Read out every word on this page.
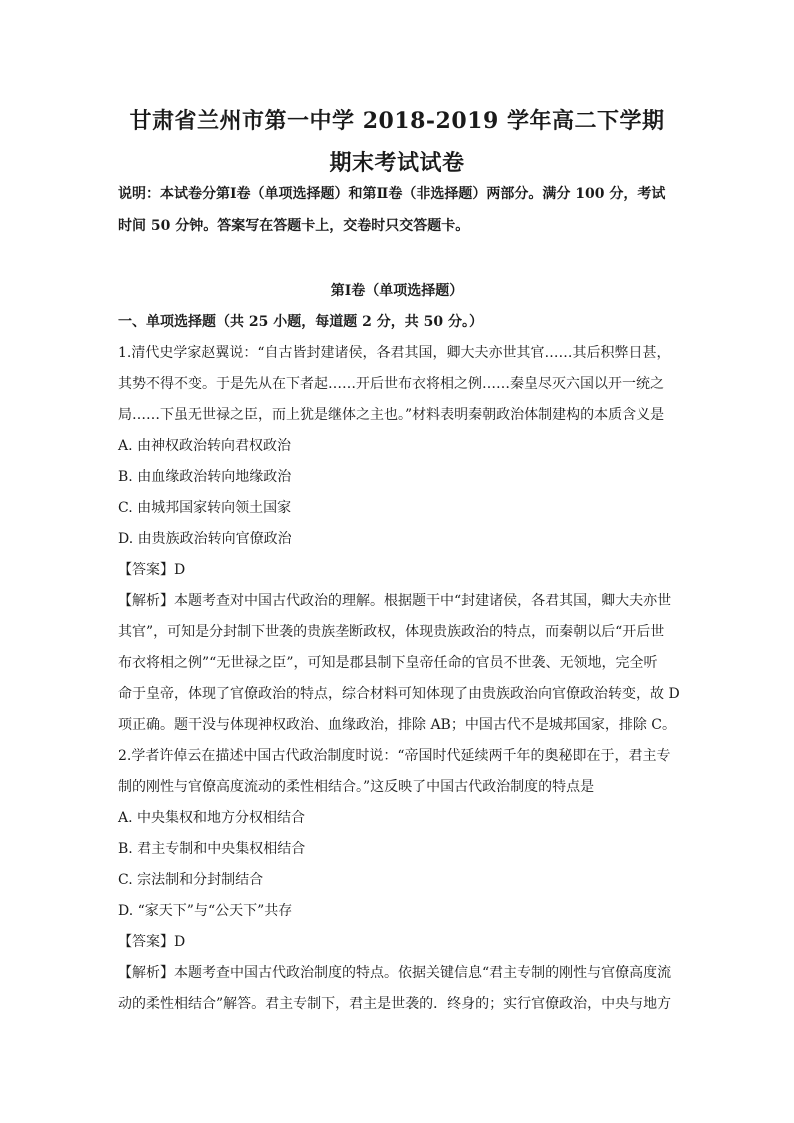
甘肃省兰州市第一中学 2018-2019 学年高二下学期
期末考试试卷
说明：本试卷分第Ⅰ卷（单项选择题）和第Ⅱ卷（非选择题）两部分。满分 100 分，考试
时间 50 分钟。答案写在答题卡上，交卷时只交答题卡。
第Ⅰ卷（单项选择题）
一、单项选择题（共 25 小题，每道题 2 分，共 50 分。）
1.清代史学家赵翼说：“自古皆封建诸侯，各君其国，卿大夫亦世其官……其后积弊日甚，
其势不得不变。于是先从在下者起……开后世布衣将相之例……秦皇尽灭六国以开一统之
局……下虽无世禄之臣，而上犹是继体之主也。”材料表明秦朝政治体制建构的本质含义是
A. 由神权政治转向君权政治
B. 由血缘政治转向地缘政治
C. 由城邦国家转向领土国家
D. 由贵族政治转向官僚政治
【答案】D
【解析】本题考查对中国古代政治的理解。根据题干中“封建诸侯，各君其国，卿大夫亦世
其官”，可知是分封制下世袭的贵族垄断政权，体现贵族政治的特点，而秦朝以后“开后世
布衣将相之例”“无世禄之臣”，可知是郡县制下皇帝任命的官员不世袭、无领地，完全听
命于皇帝，体现了官僚政治的特点，综合材料可知体现了由贵族政治向官僚政治转变，故 D
项正确。题干没与体现神权政治、血缘政治，排除 AB；中国古代不是城邦国家，排除 C。
2.学者许倬云在描述中国古代政治制度时说：“帝国时代延续两千年的奥秘即在于，君主专
制的刚性与官僚高度流动的柔性相结合。”这反映了中国古代政治制度的特点是
A. 中央集权和地方分权相结合
B. 君主专制和中央集权相结合
C. 宗法制和分封制结合
D. “家天下”与“公天下”共存
【答案】D
【解析】本题考查中国古代政治制度的特点。依据关键信息“君主专制的刚性与官僚高度流
动的柔性相结合”解答。君主专制下，君主是世袭的．终身的；实行官僚政治，中央与地方
